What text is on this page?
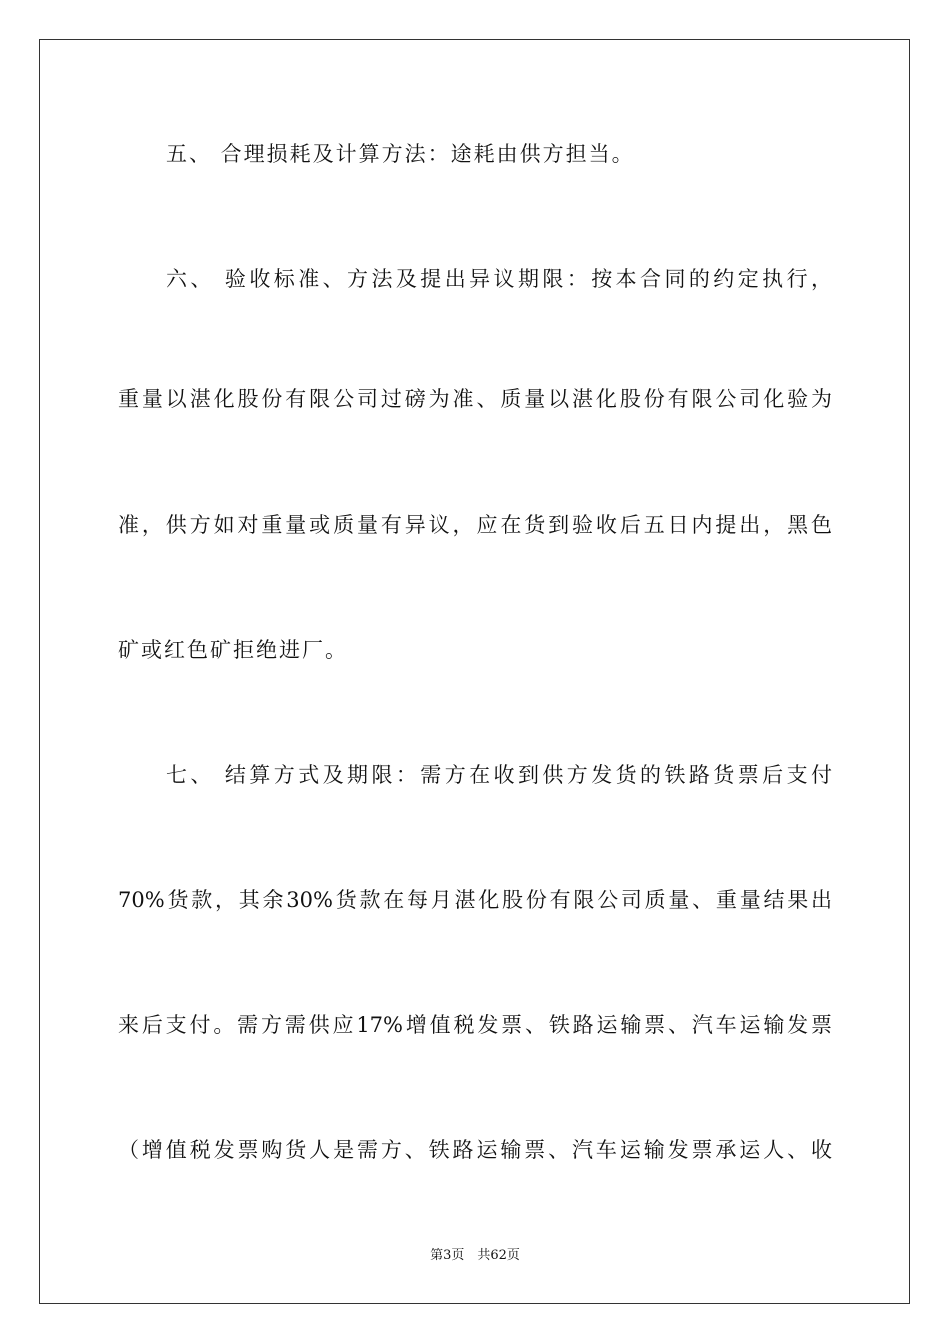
五、 合理损耗及计算方法：途耗由供方担当。
六、 验收标准、方法及提出异议期限：按本合同的约定执行，
重量以湛化股份有限公司过磅为准、质量以湛化股份有限公司化验为
准，供方如对重量或质量有异议，应在货到验收后五日内提出，黑色
矿或红色矿拒绝进厂。
七、 结算方式及期限：需方在收到供方发货的铁路货票后支付
70%货款，其余30%货款在每月湛化股份有限公司质量、重量结果出
来后支付。需方需供应17%增值税发票、铁路运输票、汽车运输发票
（增值税发票购货人是需方、铁路运输票、汽车运输发票承运人、收
第3页　共62页
